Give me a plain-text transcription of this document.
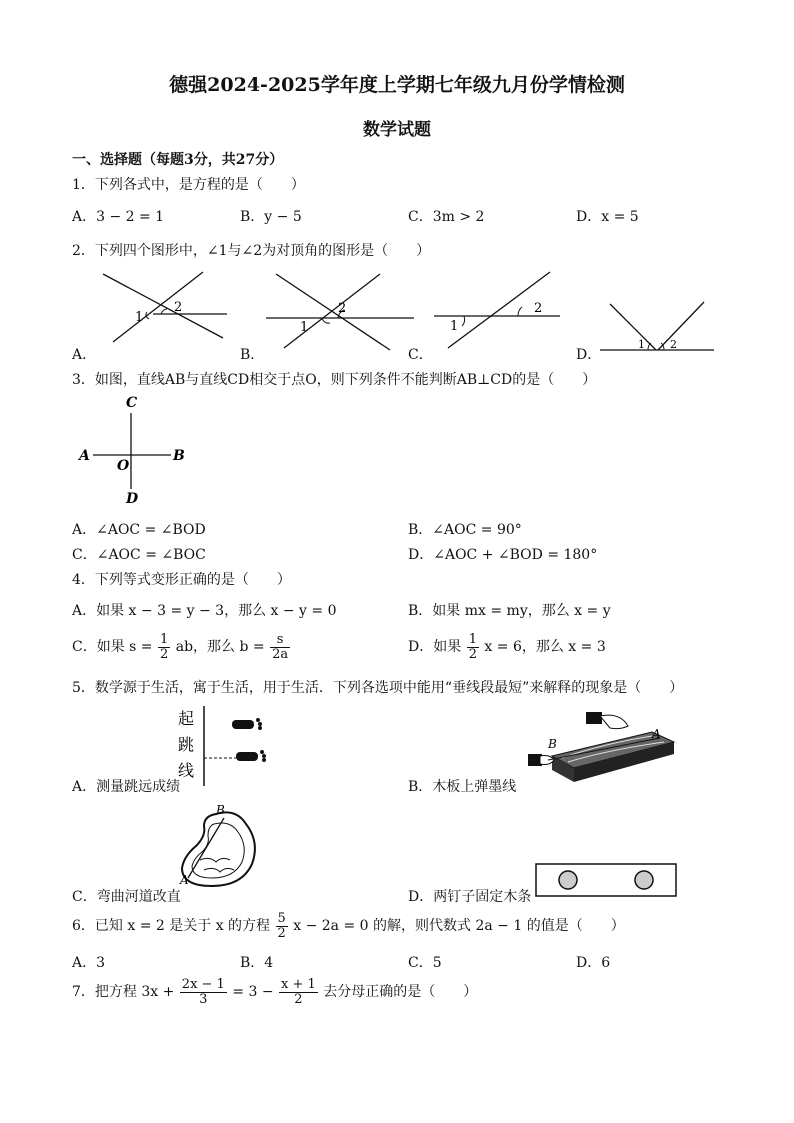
德强2024-2025学年度上学期七年级九月份学情检测
数学试题
一、选择题（每题3分，共27分）
1．下列各式中，是方程的是（　　）
A．3 − 2 = 1	B．y − 5	C．3m > 2	D．x = 5
2．下列四个图形中，∠1与∠2为对顶角的图形是（　　）
1
2
1
2
1
2
1 2
A．	B．	C．	D．
3．如图，直线AB与直线CD相交于点O，则下列条件不能判断AB⊥CD的是（　　）
C
A	B
O
D
A．∠AOC = ∠BOD	B．∠AOC = 90°
C．∠AOC = ∠BOC	D．∠AOC + ∠BOD = 180°
4．下列等式变形正确的是（　　）
A．如果 x − 3 = y − 3，那么 x − y = 0	B．如果 mx = my，那么 x = y
C．如果 $s = \frac{1}{2}$ ab，那么 $b = \frac{s}{2a}$	D．如果 $\frac{1}{2}$ x = 6，那么 x = 3
5．数学源于生活，寓于生活，用于生活．下列各选项中能用“垂线段最短”来解释的现象是（　　）
起
跳
线
A．测量跳远成绩
A
B
B．木板上弹墨线
B
A
C．弯曲河道改直	D．两钉子固定木条
6．已知 x = 2 是关于 x 的方程 $\frac{5}{2}$ x − 2a = 0 的解，则代数式 2a − 1 的值是（　　）
A．3	B．4	C．5	D．6
7．把方程 $3x + \frac{2x - 1}{3} = 3 - \frac{x + 1}{2}$ 去分母正确的是（　　）
